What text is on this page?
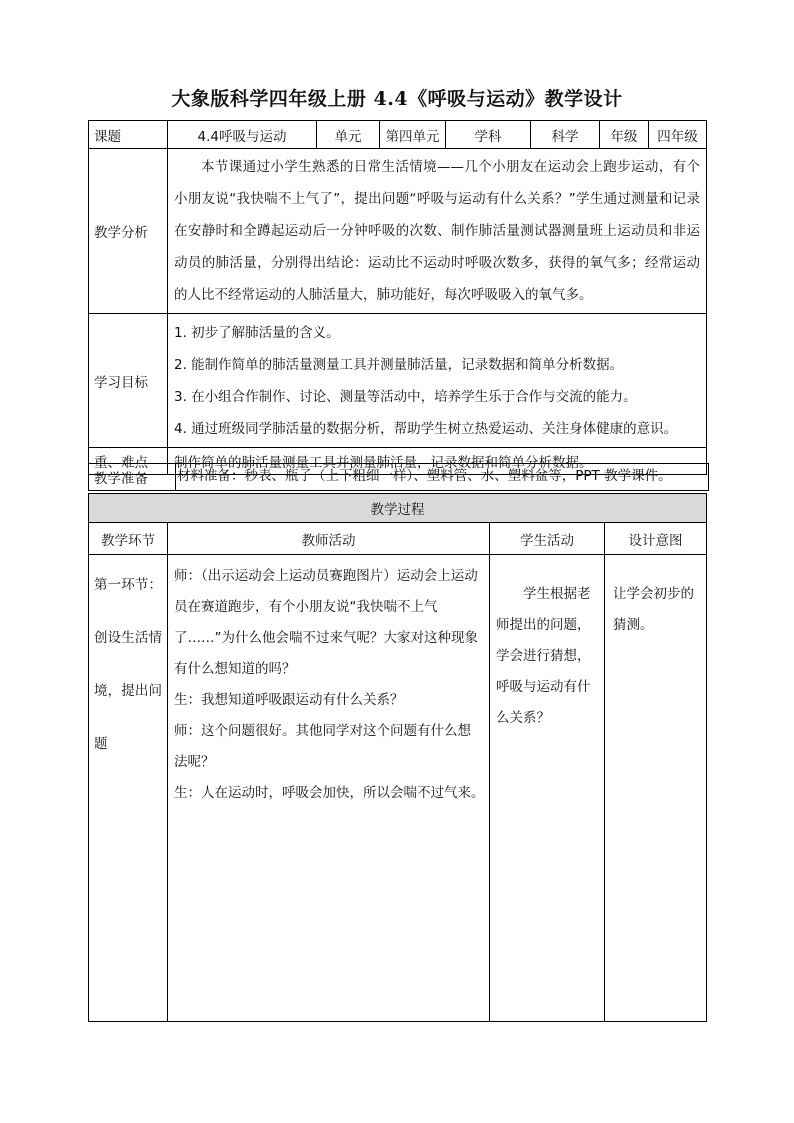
大象版科学四年级上册 4.4《呼吸与运动》教学设计
课题	4.4呼吸与运动	单元	第四单元	学科	科学	年级	四年级
教学分析	本节课通过小学生熟悉的日常生活情境——几个小朋友在运动会上跑步运动，有个小朋友说“我快喘不上气了”，提出问题“呼吸与运动有什么关系？”学生通过测量和记录在安静时和全蹲起运动后一分钟呼吸的次数、制作肺活量测试器测量班上运动员和非运动员的肺活量，分别得出结论：运动比不运动时呼吸次数多，获得的氧气多；经常运动的人比不经常运动的人肺活量大，肺功能好，每次呼吸吸入的氧气多。						
学习目标	1. 初步了解肺活量的含义。
2. 能制作简单的肺活量测量工具并测量肺活量，记录数据和简单分析数据。
3. 在小组合作制作、讨论、测量等活动中，培养学生乐于合作与交流的能力。
4. 通过班级同学肺活量的数据分析，帮助学生树立热爱运动、关注身体健康的意识。						

重、难点	制作简单的肺活量测量工具并测量肺活量，记录数据和简单分析数据。						
教学准备	材料准备：秒表、瓶子（上下粗细一样）、塑料管、水、塑料盆等，PPT 教学课件。
教学过程			
教学环节	教师活动	学生活动	设计意图
第一环节：创设生活情境，提出问题	师：（出示运动会上运动员赛跑图片）运动会上运动员在赛道跑步，有个小朋友说“我快喘不上气了……”为什么他会喘不过来气呢？大家对这种现象有什么想知道的吗？
生：我想知道呼吸跟运动有什么关系？
师：这个问题很好。其他同学对这个问题有什么想法呢？
生：人在运动时，呼吸会加快，所以会喘不过气来。	学生根据老师提出的问题，学会进行猜想，呼吸与运动有什么关系？	让学会初步的猜测。
